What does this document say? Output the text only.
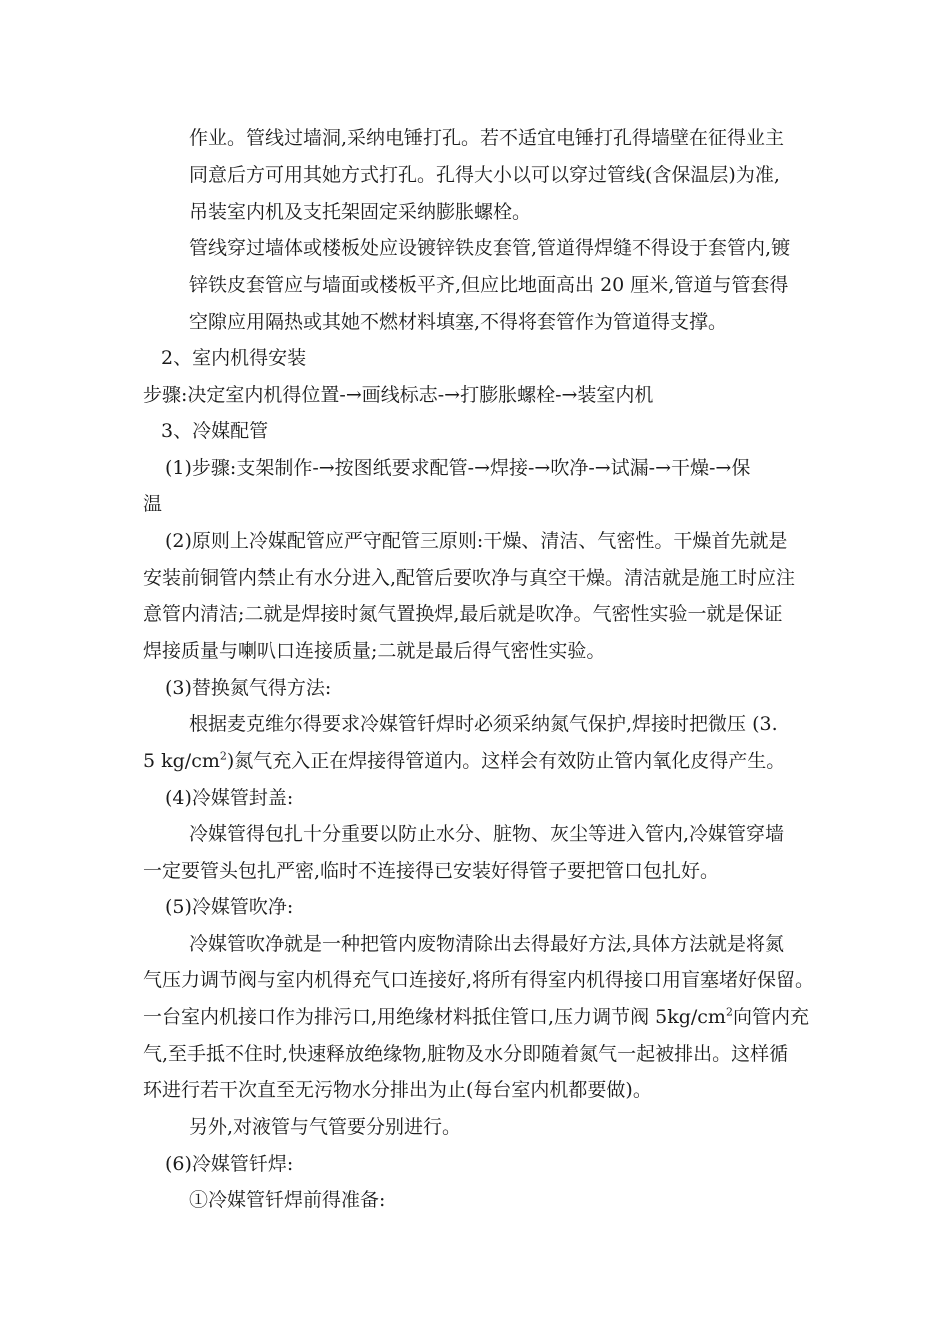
作业。管线过墙洞,采纳电锤打孔。若不适宜电锤打孔得墙壁在征得业主

同意后方可用其她方式打孔。孔得大小以可以穿过管线(含保温层)为准,

吊装室内机及支托架固定采纳膨胀螺栓。

管线穿过墙体或楼板处应设镀锌铁皮套管,管道得焊缝不得设于套管内,镀

锌铁皮套管应与墙面或楼板平齐,但应比地面高出 20 厘米,管道与管套得

空隙应用隔热或其她不燃材料填塞,不得将套管作为管道得支撑。

2、室内机得安装

步骤:决定室内机得位置-→画线标志-→打膨胀螺栓-→装室内机

3、冷媒配管

(1)步骤:支架制作-→按图纸要求配管-→焊接-→吹净-→试漏-→干燥-→保

温

(2)原则上冷媒配管应严守配管三原则:干燥、清洁、气密性。干燥首先就是

安装前铜管内禁止有水分进入,配管后要吹净与真空干燥。清洁就是施工时应注

意管内清洁;二就是焊接时氮气置换焊,最后就是吹净。气密性实验一就是保证

焊接质量与喇叭口连接质量;二就是最后得气密性实验。

(3)替换氮气得方法:

根据麦克维尔得要求冷媒管钎焊时必须采纳氮气保护,焊接时把微压 (3.

5 $kg/cm^2$)氮气充入正在焊接得管道内。这样会有效防止管内氧化皮得产生。

(4)冷媒管封盖:

冷媒管得包扎十分重要以防止水分、脏物、灰尘等进入管内,冷媒管穿墙

一定要管头包扎严密,临时不连接得已安装好得管子要把管口包扎好。

(5)冷媒管吹净:

冷媒管吹净就是一种把管内废物清除出去得最好方法,具体方法就是将氮

气压力调节阀与室内机得充气口连接好,将所有得室内机得接口用盲塞堵好保留。

一台室内机接口作为排污口,用绝缘材料抵住管口,压力调节阀 $5kg/cm^2$向管内充

气,至手抵不住时,快速释放绝缘物,脏物及水分即随着氮气一起被排出。这样循

环进行若干次直至无污物水分排出为止(每台室内机都要做)。

另外,对液管与气管要分别进行。

(6)冷媒管钎焊:

①冷媒管钎焊前得准备:
